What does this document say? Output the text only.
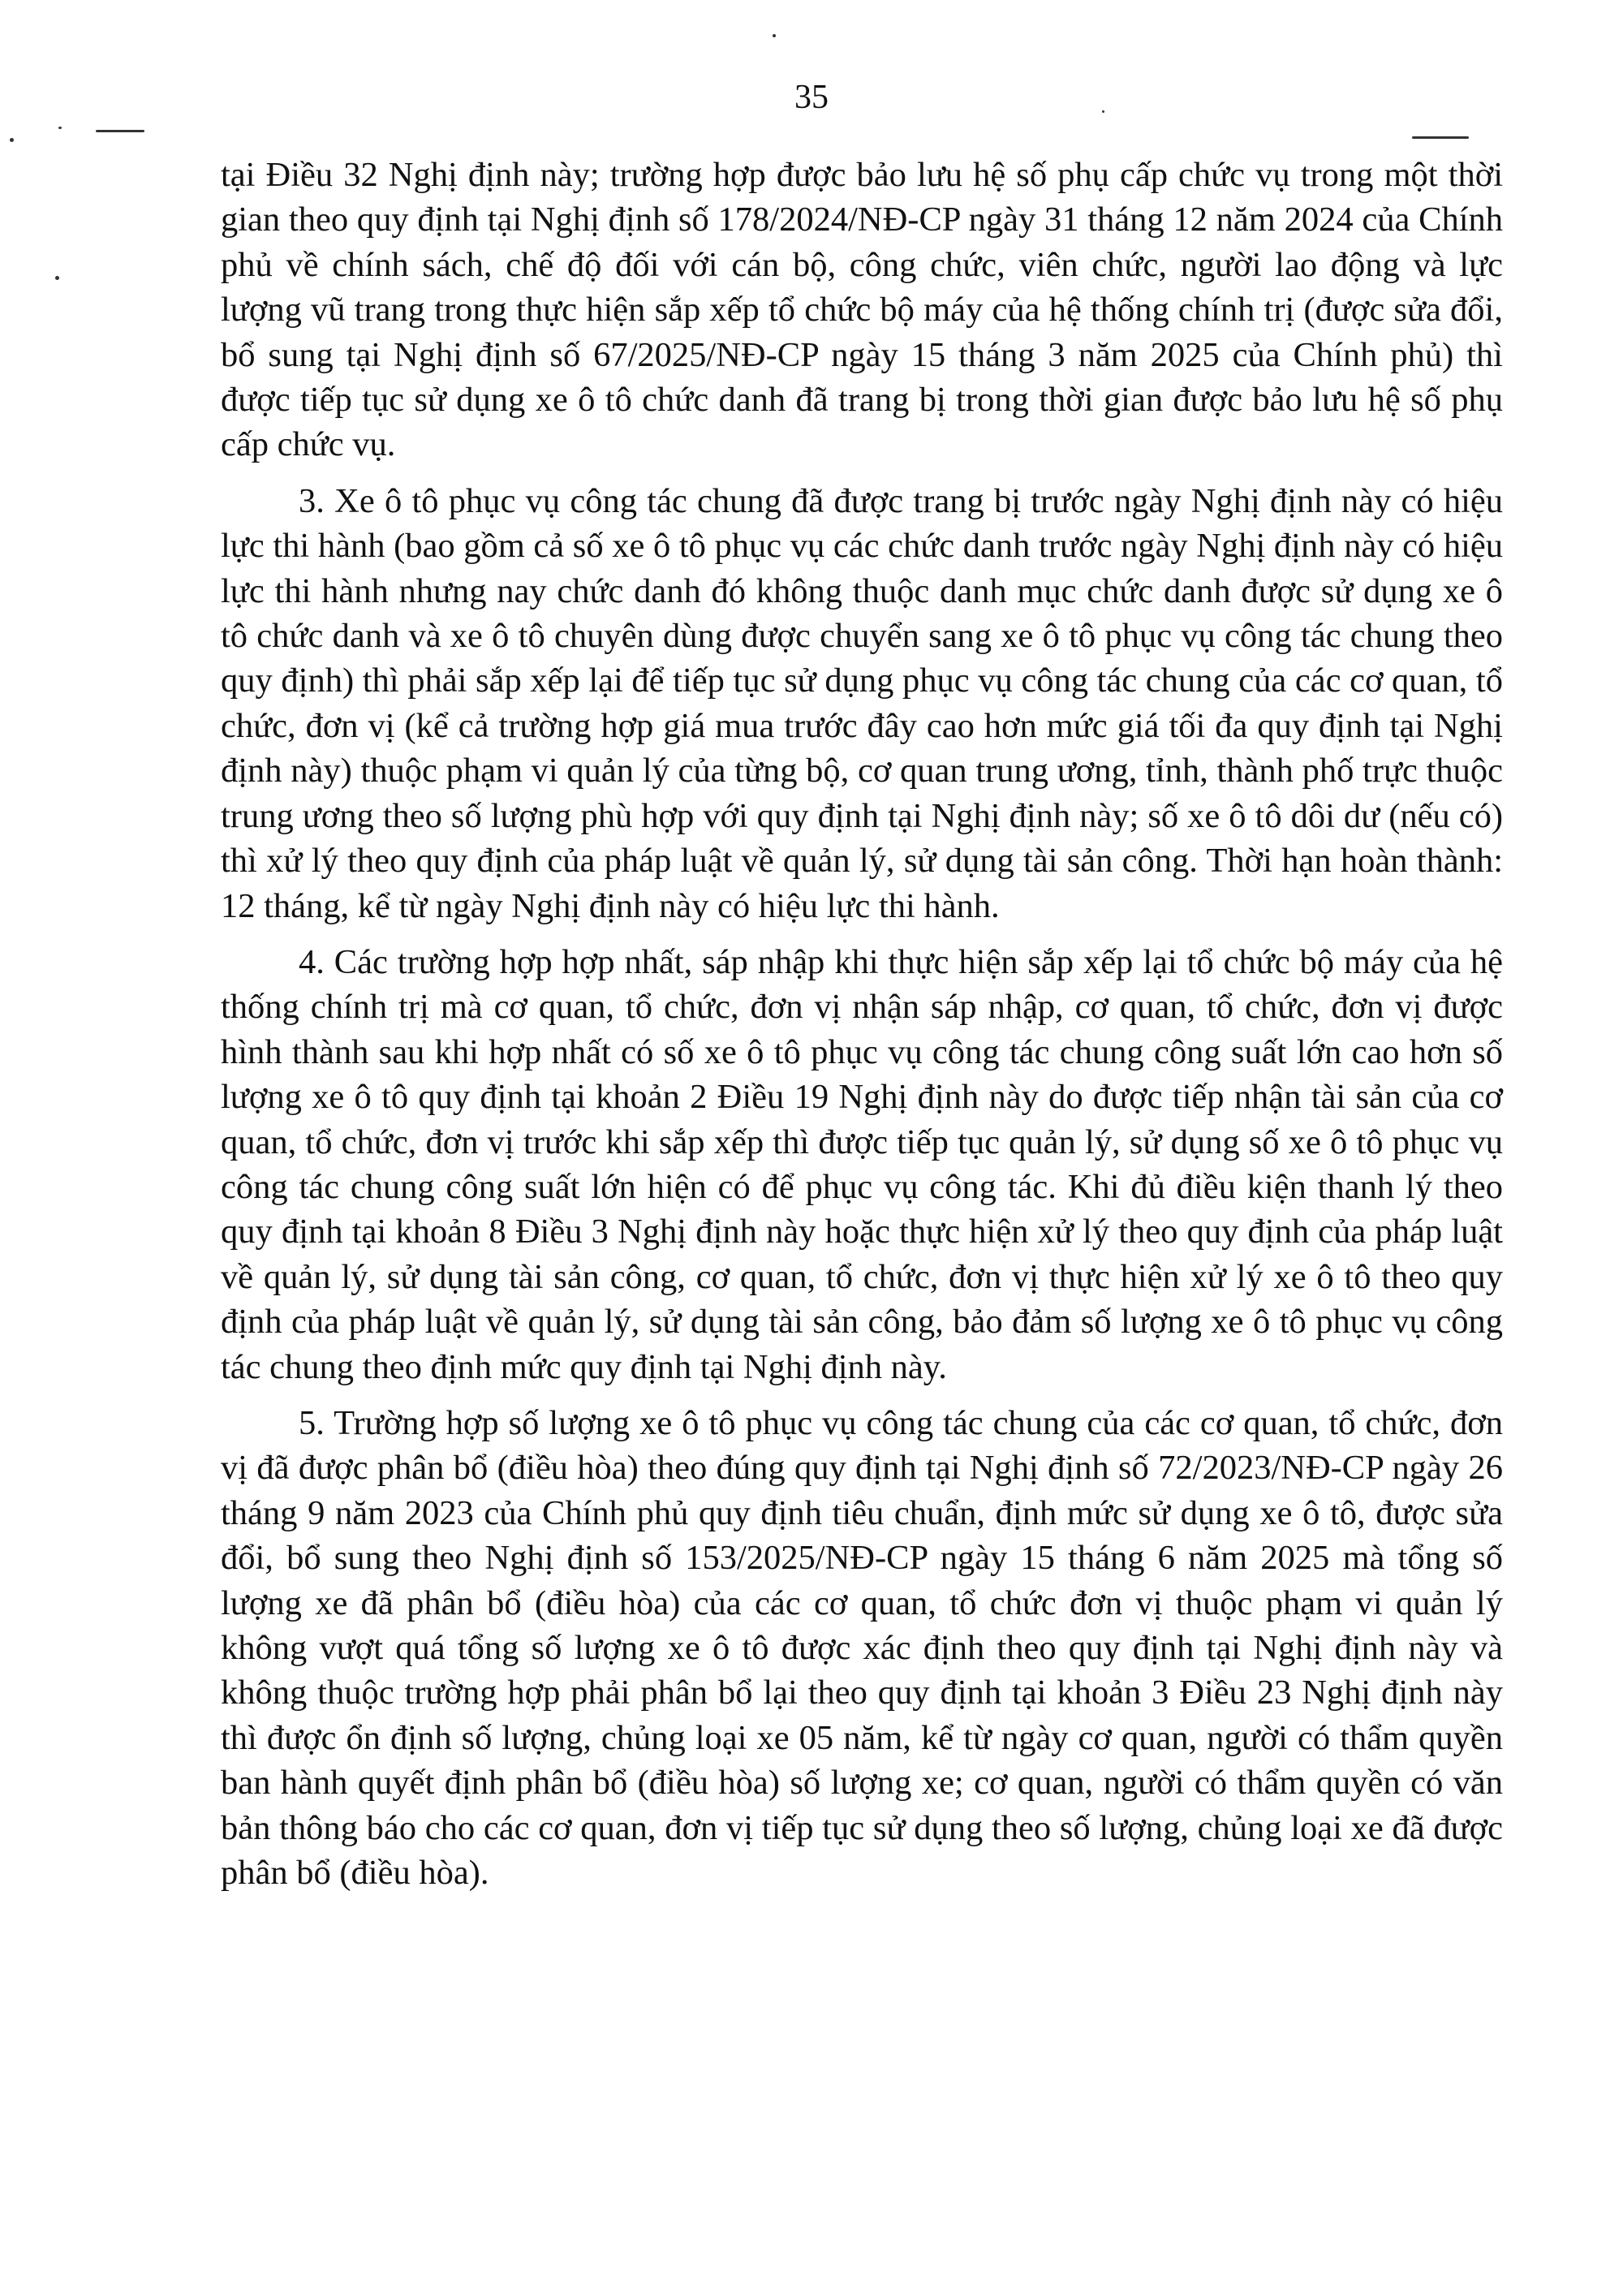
35

tại Điều 32 Nghị định này; trường hợp được bảo lưu hệ số phụ cấp chức vụ trong một thời gian theo quy định tại Nghị định số 178/2024/NĐ-CP ngày 31 tháng 12 năm 2024 của Chính phủ về chính sách, chế độ đối với cán bộ, công chức, viên chức, người lao động và lực lượng vũ trang trong thực hiện sắp xếp tổ chức bộ máy của hệ thống chính trị (được sửa đổi, bổ sung tại Nghị định số 67/2025/NĐ-CP ngày 15 tháng 3 năm 2025 của Chính phủ) thì được tiếp tục sử dụng xe ô tô chức danh đã trang bị trong thời gian được bảo lưu hệ số phụ cấp chức vụ.

3. Xe ô tô phục vụ công tác chung đã được trang bị trước ngày Nghị định này có hiệu lực thi hành (bao gồm cả số xe ô tô phục vụ các chức danh trước ngày Nghị định này có hiệu lực thi hành nhưng nay chức danh đó không thuộc danh mục chức danh được sử dụng xe ô tô chức danh và xe ô tô chuyên dùng được chuyển sang xe ô tô phục vụ công tác chung theo quy định) thì phải sắp xếp lại để tiếp tục sử dụng phục vụ công tác chung của các cơ quan, tổ chức, đơn vị (kể cả trường hợp giá mua trước đây cao hơn mức giá tối đa quy định tại Nghị định này) thuộc phạm vi quản lý của từng bộ, cơ quan trung ương, tỉnh, thành phố trực thuộc trung ương theo số lượng phù hợp với quy định tại Nghị định này; số xe ô tô dôi dư (nếu có) thì xử lý theo quy định của pháp luật về quản lý, sử dụng tài sản công. Thời hạn hoàn thành: 12 tháng, kể từ ngày Nghị định này có hiệu lực thi hành.

4. Các trường hợp hợp nhất, sáp nhập khi thực hiện sắp xếp lại tổ chức bộ máy của hệ thống chính trị mà cơ quan, tổ chức, đơn vị nhận sáp nhập, cơ quan, tổ chức, đơn vị được hình thành sau khi hợp nhất có số xe ô tô phục vụ công tác chung công suất lớn cao hơn số lượng xe ô tô quy định tại khoản 2 Điều 19 Nghị định này do được tiếp nhận tài sản của cơ quan, tổ chức, đơn vị trước khi sắp xếp thì được tiếp tục quản lý, sử dụng số xe ô tô phục vụ công tác chung công suất lớn hiện có để phục vụ công tác. Khi đủ điều kiện thanh lý theo quy định tại khoản 8 Điều 3 Nghị định này hoặc thực hiện xử lý theo quy định của pháp luật về quản lý, sử dụng tài sản công, cơ quan, tổ chức, đơn vị thực hiện xử lý xe ô tô theo quy định của pháp luật về quản lý, sử dụng tài sản công, bảo đảm số lượng xe ô tô phục vụ công tác chung theo định mức quy định tại Nghị định này.

5. Trường hợp số lượng xe ô tô phục vụ công tác chung của các cơ quan, tổ chức, đơn vị đã được phân bổ (điều hòa) theo đúng quy định tại Nghị định số 72/2023/NĐ-CP ngày 26 tháng 9 năm 2023 của Chính phủ quy định tiêu chuẩn, định mức sử dụng xe ô tô, được sửa đổi, bổ sung theo Nghị định số 153/2025/NĐ-CP ngày 15 tháng 6 năm 2025 mà tổng số lượng xe đã phân bổ (điều hòa) của các cơ quan, tổ chức đơn vị thuộc phạm vi quản lý không vượt quá tổng số lượng xe ô tô được xác định theo quy định tại Nghị định này và không thuộc trường hợp phải phân bổ lại theo quy định tại khoản 3 Điều 23 Nghị định này thì được ổn định số lượng, chủng loại xe 05 năm, kể từ ngày cơ quan, người có thẩm quyền ban hành quyết định phân bổ (điều hòa) số lượng xe; cơ quan, người có thẩm quyền có văn bản thông báo cho các cơ quan, đơn vị tiếp tục sử dụng theo số lượng, chủng loại xe đã được phân bổ (điều hòa).
